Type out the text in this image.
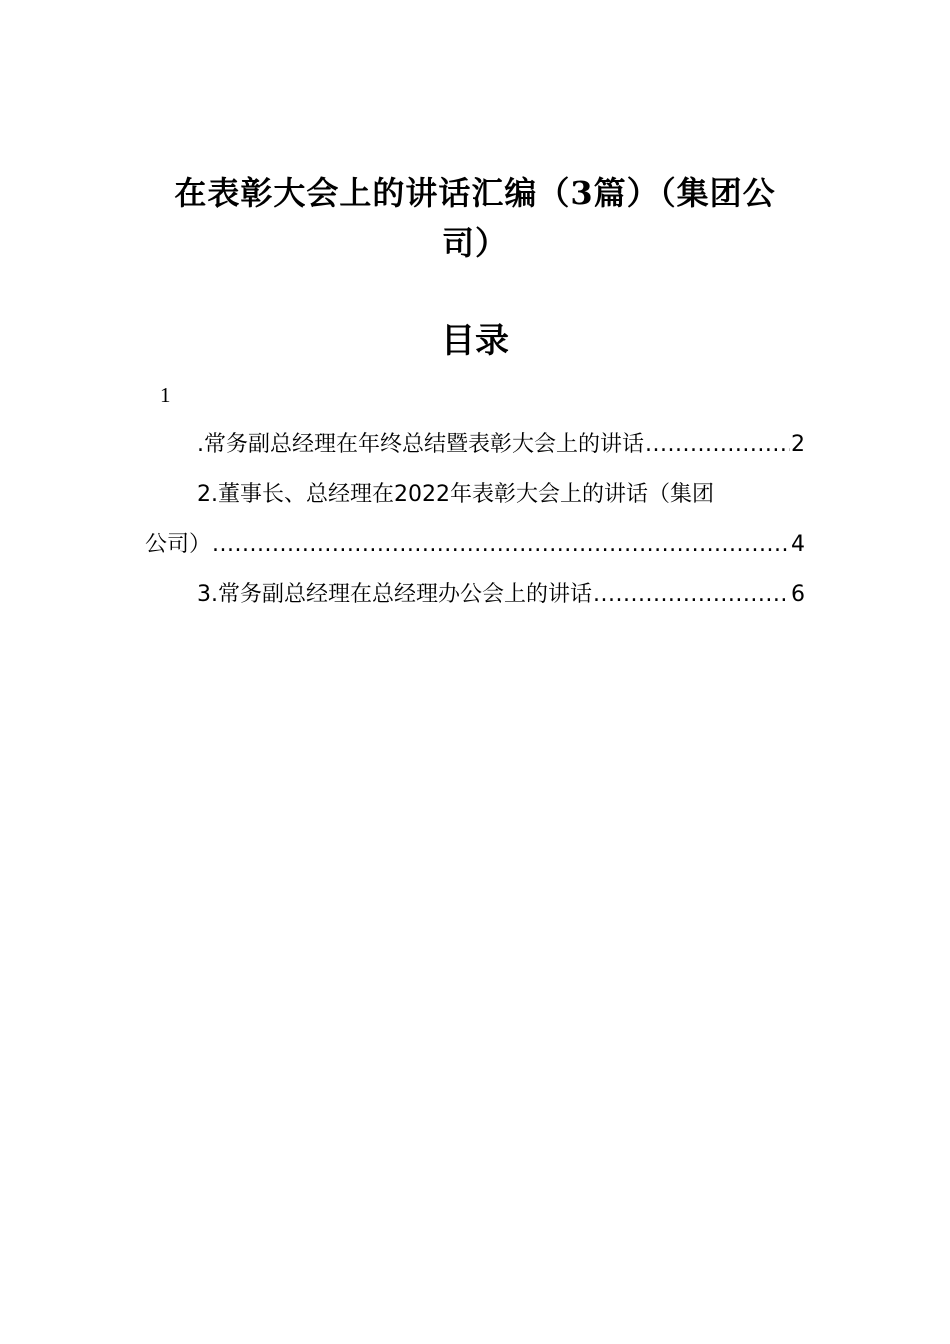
在表彰大会上的讲话汇编（3篇）（集团公
司）
目录
1
.常务副总经理在年终总结暨表彰大会上的讲话 .....	2
2.董事长、总经理在2022年表彰大会上的讲话（集团
公司） .....	4
3.常务副总经理在总经理办公会上的讲话 .....	6
